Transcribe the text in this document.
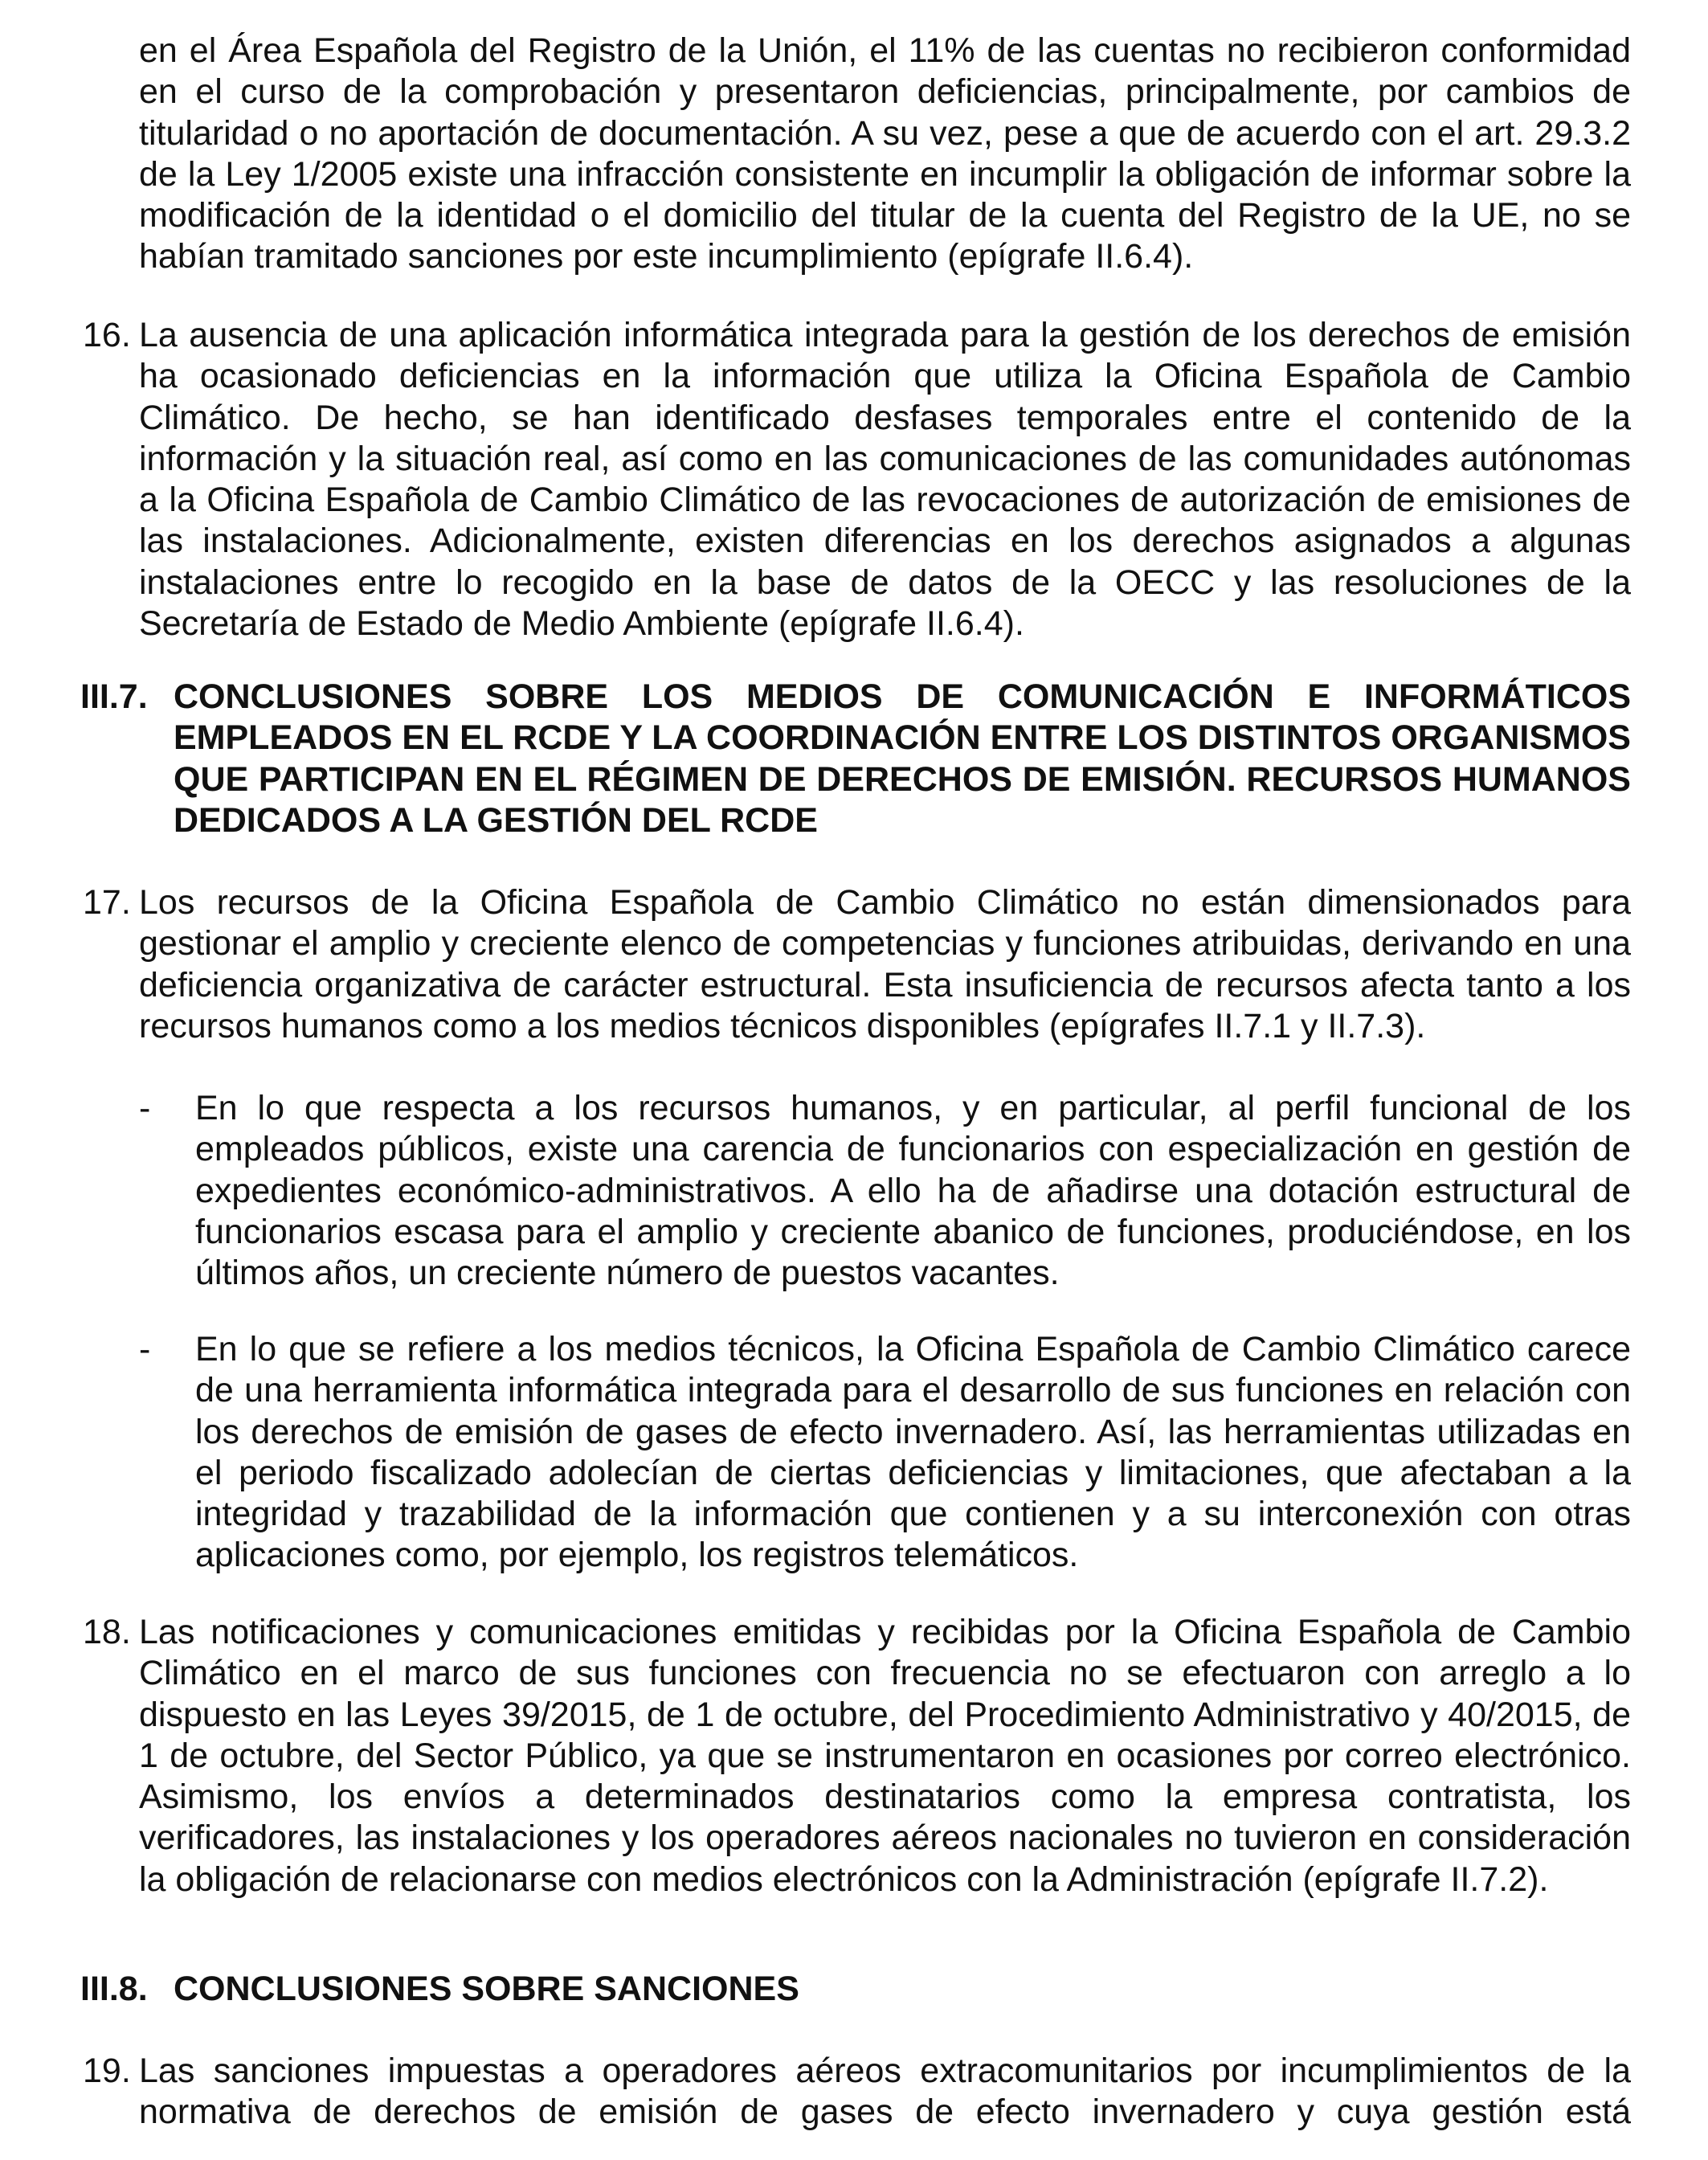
en el Área Española del Registro de la Unión, el 11% de las cuentas no recibieron conformidad en el curso de la comprobación y presentaron deficiencias, principalmente, por cambios de titularidad o no aportación de documentación. A su vez, pese a que de acuerdo con el art. 29.3.2 de la Ley 1/2005 existe una infracción consistente en incumplir la obligación de informar sobre la modificación de la identidad o el domicilio del titular de la cuenta del Registro de la UE, no se habían tramitado sanciones por este incumplimiento (epígrafe II.6.4).

16. La ausencia de una aplicación informática integrada para la gestión de los derechos de emisión ha ocasionado deficiencias en la información que utiliza la Oficina Española de Cambio Climático. De hecho, se han identificado desfases temporales entre el contenido de la información y la situación real, así como en las comunicaciones de las comunidades autónomas a la Oficina Española de Cambio Climático de las revocaciones de autorización de emisiones de las instalaciones. Adicionalmente, existen diferencias en los derechos asignados a algunas instalaciones entre lo recogido en la base de datos de la OECC y las resoluciones de la Secretaría de Estado de Medio Ambiente (epígrafe II.6.4).

III.7. CONCLUSIONES SOBRE LOS MEDIOS DE COMUNICACIÓN E INFORMÁTICOS EMPLEADOS EN EL RCDE Y LA COORDINACIÓN ENTRE LOS DISTINTOS ORGANISMOS QUE PARTICIPAN EN EL RÉGIMEN DE DERECHOS DE EMISIÓN. RECURSOS HUMANOS DEDICADOS A LA GESTIÓN DEL RCDE

17. Los recursos de la Oficina Española de Cambio Climático no están dimensionados para gestionar el amplio y creciente elenco de competencias y funciones atribuidas, derivando en una deficiencia organizativa de carácter estructural. Esta insuficiencia de recursos afecta tanto a los recursos humanos como a los medios técnicos disponibles (epígrafes II.7.1 y II.7.3).

- En lo que respecta a los recursos humanos, y en particular, al perfil funcional de los empleados públicos, existe una carencia de funcionarios con especialización en gestión de expedientes económico-administrativos. A ello ha de añadirse una dotación estructural de funcionarios escasa para el amplio y creciente abanico de funciones, produciéndose, en los últimos años, un creciente número de puestos vacantes.

- En lo que se refiere a los medios técnicos, la Oficina Española de Cambio Climático carece de una herramienta informática integrada para el desarrollo de sus funciones en relación con los derechos de emisión de gases de efecto invernadero. Así, las herramientas utilizadas en el periodo fiscalizado adolecían de ciertas deficiencias y limitaciones, que afectaban a la integridad y trazabilidad de la información que contienen y a su interconexión con otras aplicaciones como, por ejemplo, los registros telemáticos.

18. Las notificaciones y comunicaciones emitidas y recibidas por la Oficina Española de Cambio Climático en el marco de sus funciones con frecuencia no se efectuaron con arreglo a lo dispuesto en las Leyes 39/2015, de 1 de octubre, del Procedimiento Administrativo y 40/2015, de 1 de octubre, del Sector Público, ya que se instrumentaron en ocasiones por correo electrónico. Asimismo, los envíos a determinados destinatarios como la empresa contratista, los verificadores, las instalaciones y los operadores aéreos nacionales no tuvieron en consideración la obligación de relacionarse con medios electrónicos con la Administración (epígrafe II.7.2).

III.8. CONCLUSIONES SOBRE SANCIONES

19. Las sanciones impuestas a operadores aéreos extracomunitarios por incumplimientos de la normativa de derechos de emisión de gases de efecto invernadero y cuya gestión está
